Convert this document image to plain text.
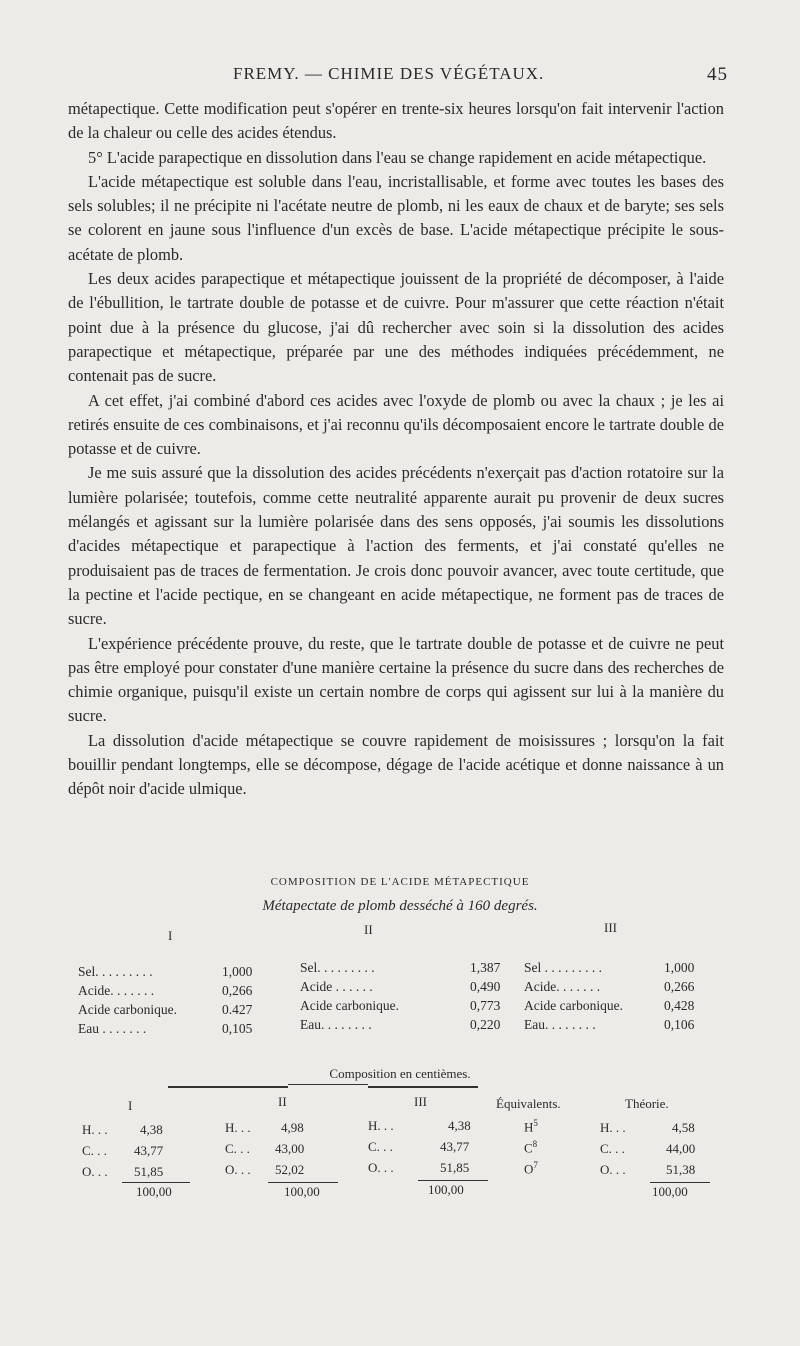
FREMY. — CHIMIE DES VÉGÉTAUX.	45

métapectique. Cette modification peut s'opérer en trente-six heures lorsqu'on fait intervenir l'action de la chaleur ou celle des acides étendus.

5° L'acide parapectique en dissolution dans l'eau se change rapidement en acide métapectique.

L'acide métapectique est soluble dans l'eau, incristallisable, et forme avec toutes les bases des sels solubles; il ne précipite ni l'acétate neutre de plomb, ni les eaux de chaux et de baryte; ses sels se colorent en jaune sous l'influence d'un excès de base. L'acide métapectique précipite le sous-acétate de plomb.

Les deux acides parapectique et métapectique jouissent de la propriété de décomposer, à l'aide de l'ébullition, le tartrate double de potasse et de cuivre. Pour m'assurer que cette réaction n'était point due à la présence du glucose, j'ai dû rechercher avec soin si la dissolution des acides parapectique et métapectique, préparée par une des méthodes indiquées précédemment, ne contenait pas de sucre.

A cet effet, j'ai combiné d'abord ces acides avec l'oxyde de plomb ou avec la chaux ; je les ai retirés ensuite de ces combinaisons, et j'ai reconnu qu'ils décomposaient encore le tartrate double de potasse et de cuivre.

Je me suis assuré que la dissolution des acides précédents n'exerçait pas d'action rotatoire sur la lumière polarisée; toutefois, comme cette neutralité apparente aurait pu provenir de deux sucres mélangés et agissant sur la lumière polarisée dans des sens opposés, j'ai soumis les dissolutions d'acides métapectique et parapectique à l'action des ferments, et j'ai constaté qu'elles ne produisaient pas de traces de fermentation. Je crois donc pouvoir avancer, avec toute certitude, que la pectine et l'acide pectique, en se changeant en acide métapectique, ne forment pas de traces de sucre.

L'expérience précédente prouve, du reste, que le tartrate double de potasse et de cuivre ne peut pas être employé pour constater d'une manière certaine la présence du sucre dans des recherches de chimie organique, puisqu'il existe un certain nombre de corps qui agissent sur lui à la manière du sucre.

La dissolution d'acide métapectique se couvre rapidement de moisissures ; lorsqu'on la fait bouillir pendant longtemps, elle se décompose, dégage de l'acide acétique et donne naissance à un dépôt noir d'acide ulmique.

COMPOSITION DE L'ACIDE MÉTAPECTIQUE
Métapectate de plomb desséché à 160 degrés.
I	II	III
Sel. . . . . . . . .	1,000
Acide. . . . . . .	0,266
Acide carbonique.	0.427
Eau . . . . . . .	0,105
Sel. . . . . . . . .	1,387
Acide . . . . . .	0,490
Acide carbonique.	0,773
Eau. . . . . . . .	0,220
Sel . . . . . . . . .	1,000
Acide. . . . . . .	0,266
Acide carbonique.	0,428
Eau. . . . . . . .	0,106
Composition en centièmes.
I	II	III	Équivalents.	Théorie.
H. . . 4,38
C. . . 43,77
O. . . 51,85
100,00
H. . . 4,98
C. . . 43,00
O. . . 52,02
100,00
H. . .	4,38
C. . .	43,77
O. . .	51,85
100,00
$H^5$
$C^8$
$O^7$
H. . .	4,58
C. . .	44,00
O. . .	51,38
100,00
